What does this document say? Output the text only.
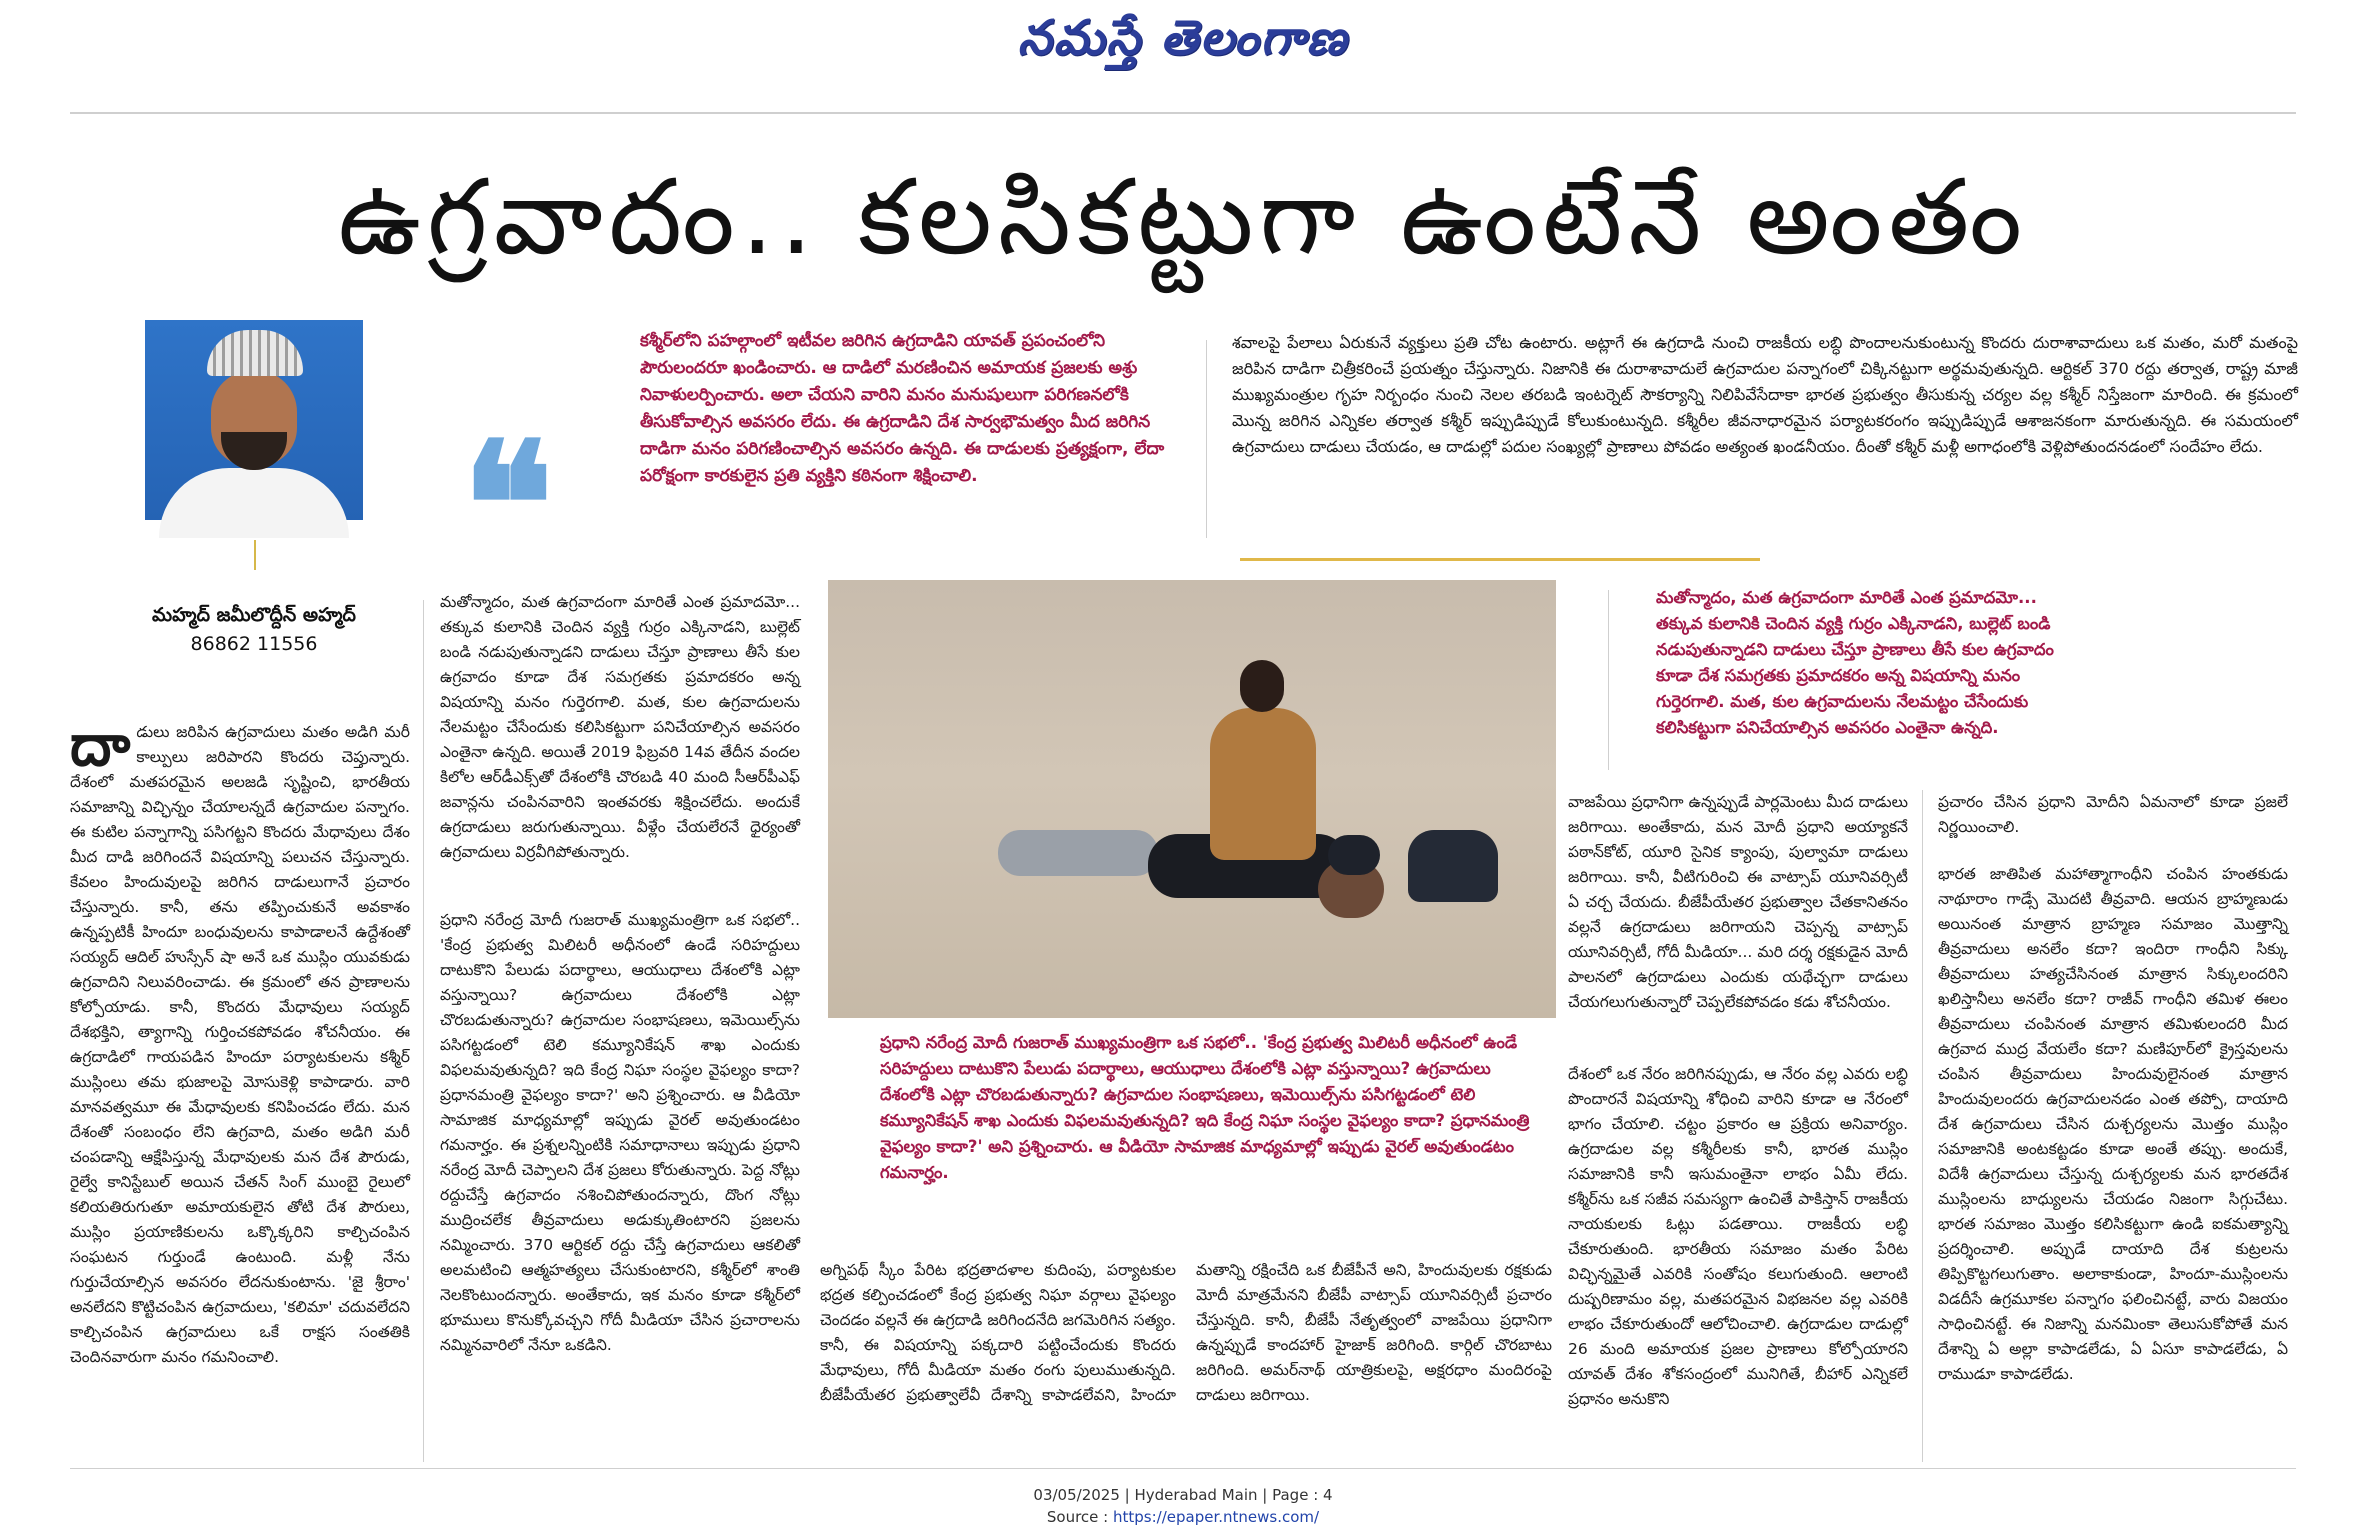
నమస్తే తెలంగాణ
ఉగ్రవాదం.. కలసికట్టుగా ఉంటేనే అంతం
మహ్మద్ జమీలొద్దీన్ అహ్మద్
86862 11556
❝
కశ్మీర్‌లోని పహల్గాంలో ఇటీవల జరిగిన ఉగ్రదాడిని యావత్ ప్రపంచంలోని పౌరులందరూ ఖండించారు. ఆ దాడిలో మరణించిన అమాయక ప్రజలకు అశ్రు నివాళులర్పించారు. అలా చేయని వారిని మనం మనుషులుగా పరిగణనలోకి తీసుకోవాల్సిన అవసరం లేదు. ఈ ఉగ్రదాడిని దేశ సార్వభౌమత్వం మీద జరిగిన దాడిగా మనం పరిగణించాల్సిన అవసరం ఉన్నది. ఈ దాడులకు ప్రత్యక్షంగా, లేదా పరోక్షంగా కారకులైన ప్రతి వ్యక్తిని కఠినంగా శిక్షించాలి.
శవాలపై పేలాలు ఏరుకునే వ్యక్తులు ప్రతి చోట ఉంటారు. అట్లాగే ఈ ఉగ్రదాడి నుంచి రాజకీయ లబ్ధి పొందాలనుకుంటున్న కొందరు దురాశావాదులు ఒక మతం, మరో మతంపై జరిపిన దాడిగా చిత్రీకరించే ప్రయత్నం చేస్తున్నారు. నిజానికి ఈ దురాశావాదులే ఉగ్రవాదుల పన్నాగంలో చిక్కినట్టుగా అర్థమవుతున్నది. ఆర్టికల్ 370 రద్దు తర్వాత, రాష్ట్ర మాజీ ముఖ్యమంత్రుల గృహ నిర్బంధం నుంచి నెలల తరబడి ఇంటర్నెట్ సౌకర్యాన్ని నిలిపివేసేదాకా భారత ప్రభుత్వం తీసుకున్న చర్యల వల్ల కశ్మీర్ నిస్తేజంగా మారింది. ఈ క్రమంలో మొన్న జరిగిన ఎన్నికల తర్వాత కశ్మీర్ ఇప్పుడిప్పుడే కోలుకుంటున్నది. కశ్మీరీల జీవనాధారమైన పర్యాటకరంగం ఇప్పుడిప్పుడే ఆశాజనకంగా మారుతున్నది. ఈ సమయంలో ఉగ్రవాదులు దాడులు చేయడం, ఆ దాడుల్లో పదుల సంఖ్యల్లో ప్రాణాలు పోవడం అత్యంత ఖండనీయం. దీంతో కశ్మీర్ మళ్లీ అగాధంలోకి వెళ్లిపోతుందనడంలో సందేహం లేదు.
దాడులు జరిపిన ఉగ్రవాదులు మతం అడిగి మరీ కాల్పులు జరిపారని కొందరు చెప్తున్నారు. దేశంలో మతపరమైన అలజడి సృష్టించి, భారతీయ సమాజాన్ని విచ్ఛిన్నం చేయాలన్నదే ఉగ్రవాదుల పన్నాగం. ఈ కుటిల పన్నాగాన్ని పసిగట్టని కొందరు మేధావులు దేశం మీద దాడి జరిగిందనే విషయాన్ని పలుచన చేస్తున్నారు. కేవలం హిందువులపై జరిగిన దాడులుగానే ప్రచారం చేస్తున్నారు. కానీ, తను తప్పించుకునే అవకాశం ఉన్నప్పటికీ హిందూ బంధువులను కాపాడాలనే ఉద్దేశంతో సయ్యద్ ఆదిల్ హుస్సేన్ షా అనే ఒక ముస్లిం యువకుడు ఉగ్రవాదిని నిలువరించాడు. ఈ క్రమంలో తన ప్రాణాలను కోల్పోయాడు. కానీ, కొందరు మేధావులు సయ్యద్ దేశభక్తిని, త్యాగాన్ని గుర్తించకపోవడం శోచనీయం. ఈ ఉగ్రదాడిలో గాయపడిన హిందూ పర్యాటకులను కశ్మీర్ ముస్లింలు తమ భుజాలపై మోసుకెళ్లి కాపాడారు. వారి మానవత్వమూ ఈ మేధావులకు కనిపించడం లేదు. మన దేశంతో సంబంధం లేని ఉగ్రవాది, మతం అడిగి మరీ చంపడాన్ని ఆక్షేపిస్తున్న మేధావులకు మన దేశ పౌరుడు, రైల్వే కానిస్టేబుల్ అయిన చేతన్ సింగ్ ముంబై రైలులో కలియతిరుగుతూ అమాయకులైన తోటి దేశ పౌరులు, ముస్లిం ప్రయాణికులను ఒక్కొక్కరిని కాల్చిచంపిన సంఘటన గుర్తుండే ఉంటుంది. మళ్లీ నేను గుర్తుచేయాల్సిన అవసరం లేదనుకుంటాను. 'జై శ్రీరాం' అనలేదని కొట్టిచంపిన ఉగ్రవాదులు, 'కలిమా' చదువలేదని కాల్చిచంపిన ఉగ్రవాదులు ఒకే రాక్షస సంతతికి చెందినవారుగా మనం గమనించాలి.
మతోన్మాదం, మత ఉగ్రవాదంగా మారితే ఎంత ప్రమాదమో... తక్కువ కులానికి చెందిన వ్యక్తి గుర్రం ఎక్కినాడని, బుల్లెట్ బండి నడుపుతున్నాడని దాడులు చేస్తూ ప్రాణాలు తీసే కుల ఉగ్రవాదం కూడా దేశ సమగ్రతకు ప్రమాదకరం అన్న విషయాన్ని మనం గుర్తెరగాలి. మత, కుల ఉగ్రవాదులను నేలమట్టం చేసేందుకు కలిసికట్టుగా పనిచేయాల్సిన అవసరం ఎంతైనా ఉన్నది. అయితే 2019 ఫిబ్రవరి 14వ తేదీన వందల కిలోల ఆర్‌డీఎక్స్‌తో దేశంలోకి చొరబడి 40 మంది సీఆర్‌పీఎఫ్ జవాన్లను చంపినవారిని ఇంతవరకు శిక్షించలేదు. అందుకే ఉగ్రదాడులు జరుగుతున్నాయి. వీళ్లేం చేయలేరనే ధైర్యంతో ఉగ్రవాదులు విర్రవీగిపోతున్నారు.
ప్రధాని నరేంద్ర మోదీ గుజరాత్ ముఖ్యమంత్రిగా ఒక సభలో.. 'కేంద్ర ప్రభుత్వ మిలిటరీ అధీనంలో ఉండే సరిహద్దులు దాటుకొని పేలుడు పదార్థాలు, ఆయుధాలు దేశంలోకి ఎట్లా వస్తున్నాయి? ఉగ్రవాదులు దేశంలోకి ఎట్లా చొరబడుతున్నారు? ఉగ్రవాదుల సంభాషణలు, ఇమెయిల్స్‌ను పసిగట్టడంలో టెలి కమ్యూనికేషన్ శాఖ ఎందుకు విఫలమవుతున్నది? ఇది కేంద్ర నిఘా సంస్థల వైఫల్యం కాదా? ప్రధానమంత్రి వైఫల్యం కాదా?' అని ప్రశ్నించారు. ఆ వీడియో సామాజిక మాధ్యమాల్లో ఇప్పుడు వైరల్ అవుతుండటం గమనార్హం. ఈ ప్రశ్నలన్నింటికి సమాధానాలు ఇప్పుడు ప్రధాని నరేంద్ర మోదీ చెప్పాలని దేశ ప్రజలు కోరుతున్నారు. పెద్ద నోట్లు రద్దుచేస్తే ఉగ్రవాదం నశించిపోతుందన్నారు, దొంగ నోట్లు ముద్రించలేక తీవ్రవాదులు అడుక్కుతింటారని ప్రజలను నమ్మించారు. 370 ఆర్టికల్ రద్దు చేస్తే ఉగ్రవాదులు ఆకలితో అలమటించి ఆత్మహత్యలు చేసుకుంటారని, కశ్మీర్‌లో శాంతి నెలకొంటుందన్నారు. అంతేకాదు, ఇక మనం కూడా కశ్మీర్‌లో భూములు కొనుక్కోవచ్చని గోదీ మీడియా చేసిన ప్రచారాలను నమ్మినవారిలో నేనూ ఒకడిని.
ప్రధాని నరేంద్ర మోదీ గుజరాత్ ముఖ్యమంత్రిగా ఒక సభలో.. 'కేంద్ర ప్రభుత్వ మిలిటరీ అధీనంలో ఉండే సరిహద్దులు దాటుకొని పేలుడు పదార్థాలు, ఆయుధాలు దేశంలోకి ఎట్లా వస్తున్నాయి? ఉగ్రవాదులు దేశంలోకి ఎట్లా చొరబడుతున్నారు? ఉగ్రవాదుల సంభాషణలు, ఇమెయిల్స్‌ను పసిగట్టడంలో టెలి కమ్యూనికేషన్ శాఖ ఎందుకు విఫలమవుతున్నది? ఇది కేంద్ర నిఘా సంస్థల వైఫల్యం కాదా? ప్రధానమంత్రి వైఫల్యం కాదా?' అని ప్రశ్నించారు. ఆ వీడియో సామాజిక మాధ్యమాల్లో ఇప్పుడు వైరల్ అవుతుండటం గమనార్హం.
అగ్నిపథ్ స్కీం పేరిట భద్రతాదళాల కుదింపు, పర్యాటకుల భద్రత కల్పించడంలో కేంద్ర ప్రభుత్వ నిఘా వర్గాలు వైఫల్యం చెందడం వల్లనే ఈ ఉగ్రదాడి జరిగిందనేది జగమెరిగిన సత్యం. కానీ, ఈ విషయాన్ని పక్కదారి పట్టించేందుకు కొందరు మేధావులు, గోదీ మీడియా మతం రంగు పులుముతున్నది. బీజేపీయేతర ప్రభుత్వాలేవీ దేశాన్ని కాపాడలేవని, హిందూ మతాన్ని రక్షించేది ఒక బీజేపీనే అని, హిందువులకు రక్షకుడు మోదీ మాత్రమేనని బీజేపీ వాట్సాప్ యూనివర్సిటీ ప్రచారం చేస్తున్నది. కానీ, బీజేపీ నేతృత్వంలో వాజపేయి ప్రధానిగా ఉన్నప్పుడే కాందహార్ హైజాక్ జరిగింది. కార్గిల్ చొరబాటు జరిగింది. అమర్‌నాథ్ యాత్రికులపై, అక్షరధాం మందిరంపై దాడులు జరిగాయి.
మతోన్మాదం, మత ఉగ్రవాదంగా మారితే ఎంత ప్రమాదమో... తక్కువ కులానికి చెందిన వ్యక్తి గుర్రం ఎక్కినాడని, బుల్లెట్ బండి నడుపుతున్నాడని దాడులు చేస్తూ ప్రాణాలు తీసే కుల ఉగ్రవాదం కూడా దేశ సమగ్రతకు ప్రమాదకరం అన్న విషయాన్ని మనం గుర్తెరగాలి. మత, కుల ఉగ్రవాదులను నేలమట్టం చేసేందుకు కలిసికట్టుగా పనిచేయాల్సిన అవసరం ఎంతైనా ఉన్నది.
వాజపేయి ప్రధానిగా ఉన్నప్పుడే పార్లమెంటు మీద దాడులు జరిగాయి. అంతేకాదు, మన మోదీ ప్రధాని అయ్యాకనే పఠాన్‌కోట్, యూరి సైనిక క్యాంపు, పుల్వామా దాడులు జరిగాయి. కానీ, వీటిగురించి ఈ వాట్సాప్ యూనివర్సిటీ ఏ చర్చ చేయదు. బీజేపీయేతర ప్రభుత్వాల చేతకానితనం వల్లనే ఉగ్రదాడులు జరిగాయని చెప్పన్న వాట్సాప్ యూనివర్సిటీ, గోదీ మీడియా... మరి దర్శ రక్షకుడైన మోదీ పాలనలో ఉగ్రదాడులు ఎందుకు యథేచ్ఛగా దాడులు చేయగలుగుతున్నారో చెప్పలేకపోవడం కడు శోచనీయం.
దేశంలో ఒక నేరం జరిగినప్పుడు, ఆ నేరం వల్ల ఎవరు లబ్ధి పొందారనే విషయాన్ని శోధించి వారిని కూడా ఆ నేరంలో భాగం చేయాలి. చట్టం ప్రకారం ఆ ప్రక్రియ అనివార్యం. ఉగ్రదాడుల వల్ల కశ్మీరీలకు కానీ, భారత ముస్లిం సమాజానికి కానీ ఇసుమంతైనా లాభం ఏమీ లేదు. కశ్మీర్‌ను ఒక సజీవ సమస్యగా ఉంచితే పాకిస్తాన్ రాజకీయ నాయకులకు ఓట్లు పడతాయి. రాజకీయ లబ్ధి చేకూరుతుంది. భారతీయ సమాజం మతం పేరిట విచ్ఛిన్నమైతే ఎవరికి సంతోషం కలుగుతుంది. ఆలాంటి దుష్పరిణామం వల్ల, మతపరమైన విభజనల వల్ల ఎవరికి లాభం చేకూరుతుందో ఆలోచించాలి. ఉగ్రదాడుల దాడుల్లో 26 మంది అమాయక ప్రజల ప్రాణాలు కోల్పోయారని యావత్ దేశం శోకసంద్రంలో మునిగితే, బీహార్ ఎన్నికలే ప్రధానం అనుకొని
ప్రచారం చేసిన ప్రధాని మోదీని ఏమనాలో కూడా ప్రజలే నిర్ణయించాలి.
భారత జాతిపిత మహాత్మాగాంధీని చంపిన హంతకుడు నాథూరాం గాడ్సే మొదటి తీవ్రవాది. ఆయన బ్రాహ్మణుడు అయినంత మాత్రాన బ్రాహ్మణ సమాజం మొత్తాన్ని తీవ్రవాదులు అనలేం కదా? ఇందిరా గాంధీని సిక్కు తీవ్రవాదులు హత్యచేసినంత మాత్రాన సిక్కులందరిని ఖలిస్తానీలు అనలేం కదా? రాజీవ్ గాంధీని తమిళ ఈలం తీవ్రవాదులు చంపినంత మాత్రాన తమిళులందరి మీద ఉగ్రవాద ముద్ర వేయలేం కదా? మణిపూర్‌లో క్రైస్తవులను చంపిన తీవ్రవాదులు హిందువులైనంత మాత్రాన హిందువులందరు ఉగ్రవాదులనడం ఎంత తప్పో, దాయాది దేశ ఉగ్రవాదులు చేసిన దుశ్చర్యలను మొత్తం ముస్లిం సమాజానికి అంటకట్టడం కూడా అంతే తప్పు. అందుకే, విదేశీ ఉగ్రవాదులు చేస్తున్న దుశ్చర్యలకు మన భారతదేశ ముస్లింలను బాధ్యులను చేయడం నిజంగా సిగ్గుచేటు. భారత సమాజం మొత్తం కలిసికట్టుగా ఉండి ఐకమత్యాన్ని ప్రదర్శించాలి. అప్పుడే దాయాది దేశ కుట్రలను తిప్పికొట్టగలుగుతాం. అలాకాకుండా, హిందూ-ముస్లింలను విడదీసే ఉగ్రమూకల పన్నాగం ఫలించినట్టే, వారు విజయం సాధించినట్టే. ఈ నిజాన్ని మనమింకా తెలుసుకోపోతే మన దేశాన్ని ఏ అల్లా కాపాడలేడు, ఏ ఏసూ కాపాడలేడు, ఏ రాముడూ కాపాడలేడు.
03/05/2025 | Hyderabad Main | Page : 4
Source : https://epaper.ntnews.com/
